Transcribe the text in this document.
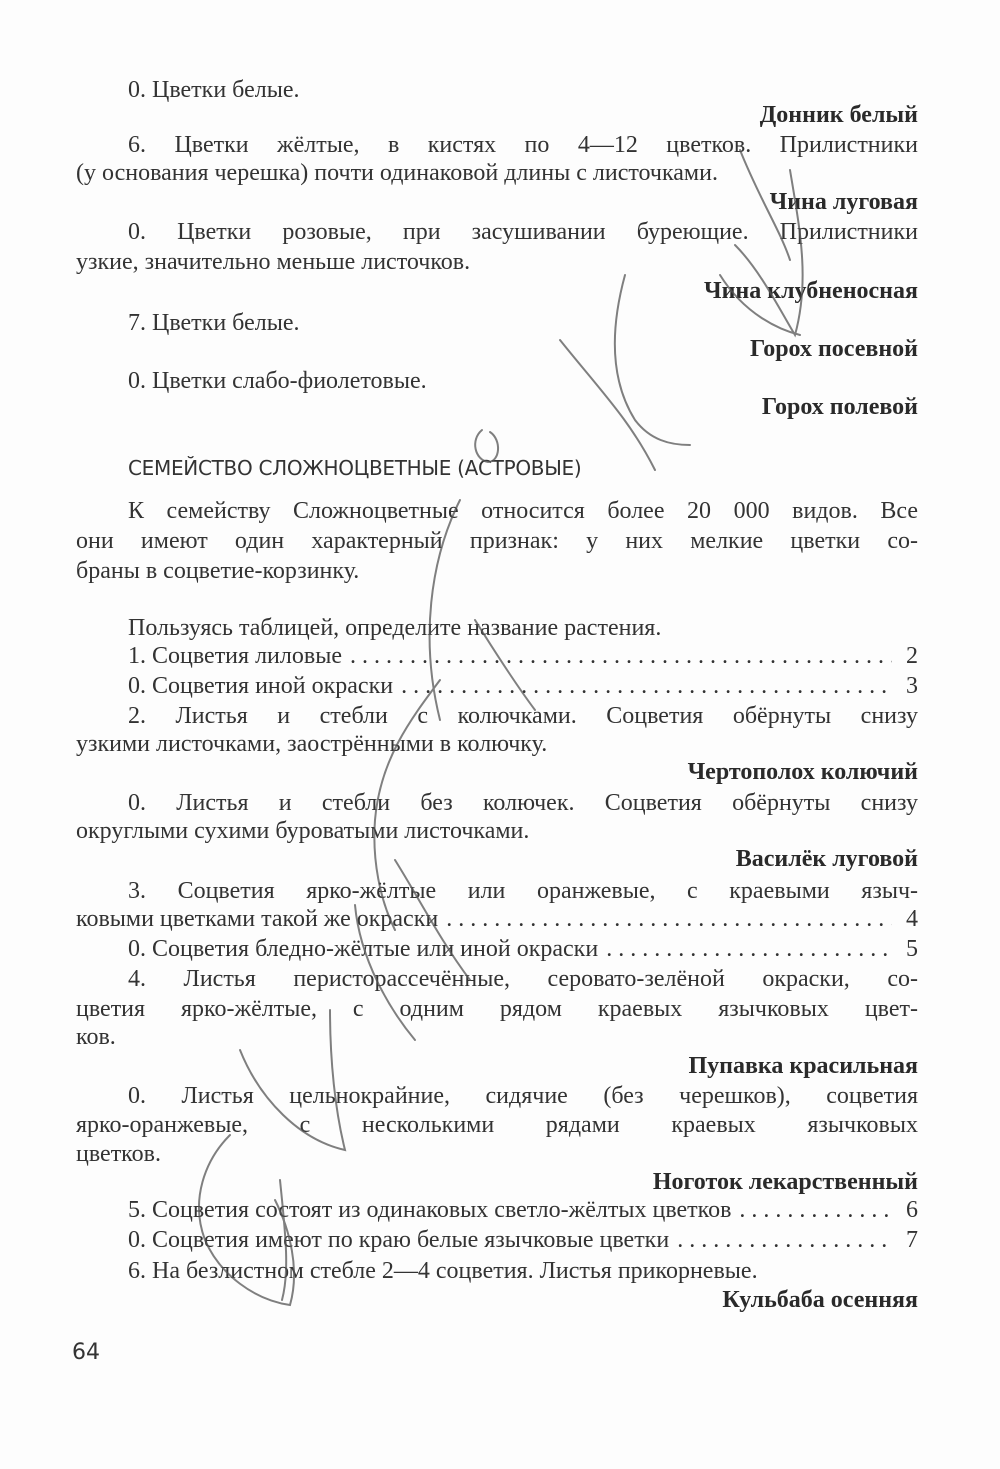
0. Цветки белые.
Донник белый
6. Цветки жёлтые, в кистях по 4—12 цветков. Прилистники
(у основания черешка) почти одинаковой длины с листочками.
Чина луговая
0. Цветки розовые, при засушивании буреющие. Прилистники
узкие, значительно меньше листочков.
Чина клубненосная
7. Цветки белые.
Горох посевной
0. Цветки слабо-фиолетовые.
Горох полевой
СЕМЕЙСТВО СЛОЖНОЦВЕТНЫЕ (АСТРОВЫЕ)
К семейству Сложноцветные относится более 20 000 видов. Все
они имеют один характерный признак: у них мелкие цветки со-
браны в соцветие-корзинку.
Пользуясь таблицей, определите название растения.
1. Соцветия лиловые . . .	2
0. Соцветия иной окраски . . .	3
2. Листья и стебли с колючками. Соцветия обёрнуты снизу
узкими листочками, заострёнными в колючку.
Чертополох колючий
0. Листья и стебли без колючек. Соцветия обёрнуты снизу
округлыми сухими буроватыми листочками.
Василёк луговой
3. Соцветия ярко-жёлтые или оранжевые, с краевыми языч-
ковыми цветками такой же окраски . . .	4
0. Соцветия бледно-жёлтые или иной окраски . . .	5
4. Листья перисторассечённые, серовато-зелёной окраски, со-
цветия ярко-жёлтые, с одним рядом краевых язычковых цвет-
ков.
Пупавка красильная
0. Листья цельнокрайние, сидячие (без черешков), соцветия
ярко-оранжевые, с несколькими рядами краевых язычковых
цветков.
Ноготок лекарственный
5. Соцветия состоят из одинаковых светло-жёлтых цветков . . .	6
0. Соцветия имеют по краю белые язычковые цветки . . .	7
6. На безлистном стебле 2—4 соцветия. Листья прикорневые.
Кульбаба осенняя
64
